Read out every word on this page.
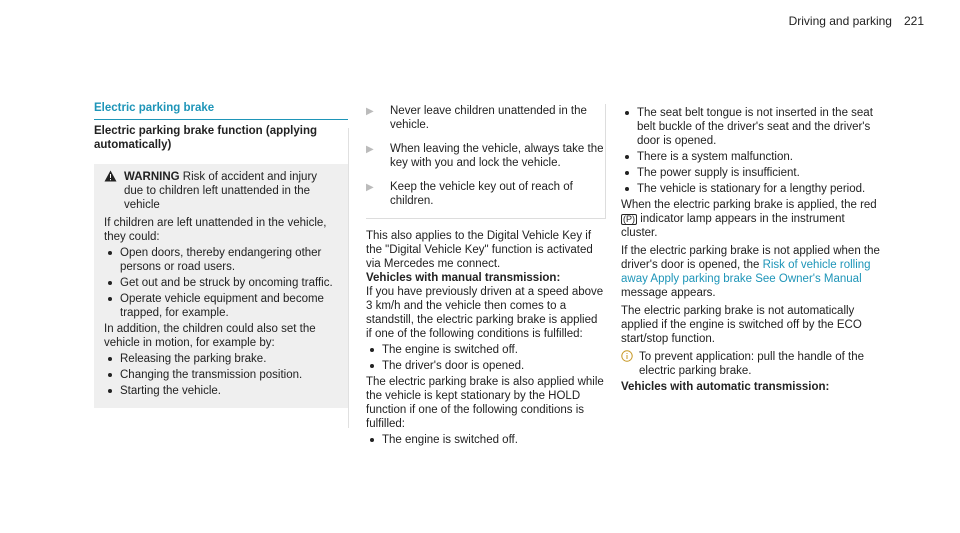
Driving and parking 221
Electric parking brake

Electric parking brake function (applying automatically)

WARNING Risk of accident and injury due to children left unattended in the vehicle

If children are left unattended in the vehicle, they could:

Open doors, thereby endangering other persons or road users.
Get out and be struck by oncoming traffic.
Operate vehicle equipment and become trapped, for example.

In addition, the children could also set the vehicle in motion, for example by:

Releasing the parking brake.
Changing the transmission position.
Starting the vehicle.
▶	Never leave children unattended in the vehicle.
▶	When leaving the vehicle, always take the key with you and lock the vehicle.
▶	Keep the vehicle key out of reach of children.

This also applies to the Digital Vehicle Key if the "Digital Vehicle Key" function is activated via Mercedes me connect.

Vehicles with manual transmission:

If you have previously driven at a speed above 3 km/h and the vehicle then comes to a standstill, the electric parking brake is applied if one of the following conditions is fulfilled:

The engine is switched off.
The driver's door is opened.

The electric parking brake is also applied while the vehicle is kept stationary by the HOLD function if one of the following conditions is fulfilled:

The engine is switched off.
The seat belt tongue is not inserted in the seat belt buckle of the driver's seat and the driver's door is opened.
There is a system malfunction.
The power supply is insufficient.
The vehicle is stationary for a lengthy period.

When the electric parking brake is applied, the red (P) indicator lamp appears in the instrument cluster.

If the electric parking brake is not applied when the driver's door is opened, the Risk of vehicle rolling away Apply parking brake See Owner's Manual message appears.

The electric parking brake is not automatically applied if the engine is switched off by the ECO start/stop function.

To prevent application: pull the handle of the electric parking brake.

Vehicles with automatic transmission:
